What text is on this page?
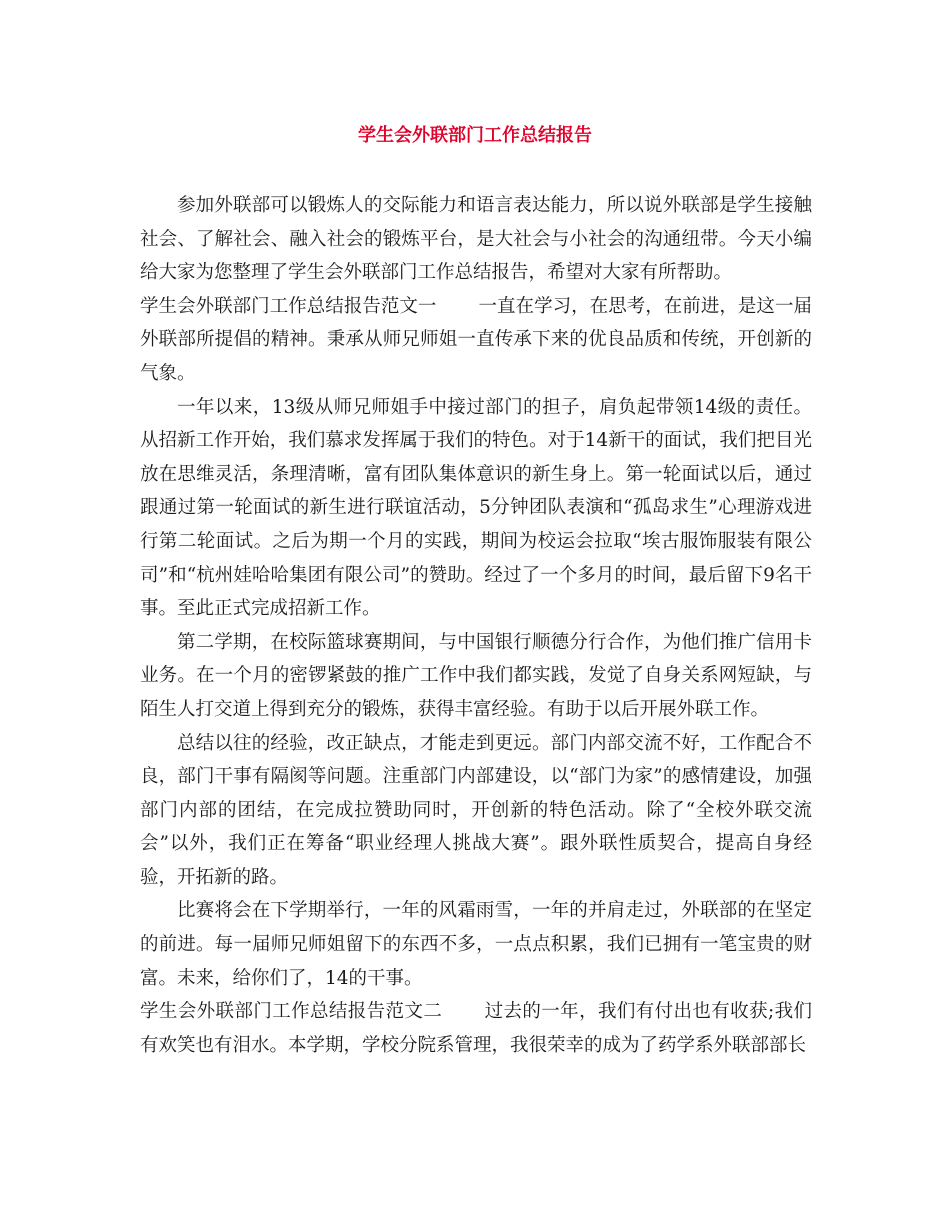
学生会外联部门工作总结报告

参加外联部可以锻炼人的交际能力和语言表达能力，所以说外联部是学生接触社会、了解社会、融入社会的锻炼平台，是大社会与小社会的沟通纽带。今天小编给大家为您整理了学生会外联部门工作总结报告，希望对大家有所帮助。

学生会外联部门工作总结报告范文一 一直在学习，在思考，在前进，是这一届外联部所提倡的精神。秉承从师兄师姐一直传承下来的优良品质和传统，开创新的气象。

一年以来，13级从师兄师姐手中接过部门的担子，肩负起带领14级的责任。从招新工作开始，我们慕求发挥属于我们的特色。对于14新干的面试，我们把目光放在思维灵活，条理清晰，富有团队集体意识的新生身上。第一轮面试以后，通过跟通过第一轮面试的新生进行联谊活动，5分钟团队表演和“孤岛求生”心理游戏进行第二轮面试。之后为期一个月的实践，期间为校运会拉取“埃古服饰服装有限公司”和“杭州娃哈哈集团有限公司”的赞助。经过了一个多月的时间，最后留下9名干事。至此正式完成招新工作。

第二学期，在校际篮球赛期间，与中国银行顺德分行合作，为他们推广信用卡业务。在一个月的密锣紧鼓的推广工作中我们都实践，发觉了自身关系网短缺，与陌生人打交道上得到充分的锻炼，获得丰富经验。有助于以后开展外联工作。

总结以往的经验，改正缺点，才能走到更远。部门内部交流不好，工作配合不良，部门干事有隔阂等问题。注重部门内部建设，以“部门为家”的感情建设，加强部门内部的团结，在完成拉赞助同时，开创新的特色活动。除了“全校外联交流会”以外，我们正在筹备“职业经理人挑战大赛”。跟外联性质契合，提高自身经验，开拓新的路。

比赛将会在下学期举行，一年的风霜雨雪，一年的并肩走过，外联部的在坚定的前进。每一届师兄师姐留下的东西不多，一点点积累，我们已拥有一笔宝贵的财富。未来，给你们了，14的干事。

学生会外联部门工作总结报告范文二 过去的一年，我们有付出也有收获;我们有欢笑也有泪水。本学期，学校分院系管理，我很荣幸的成为了药学系外联部部长
